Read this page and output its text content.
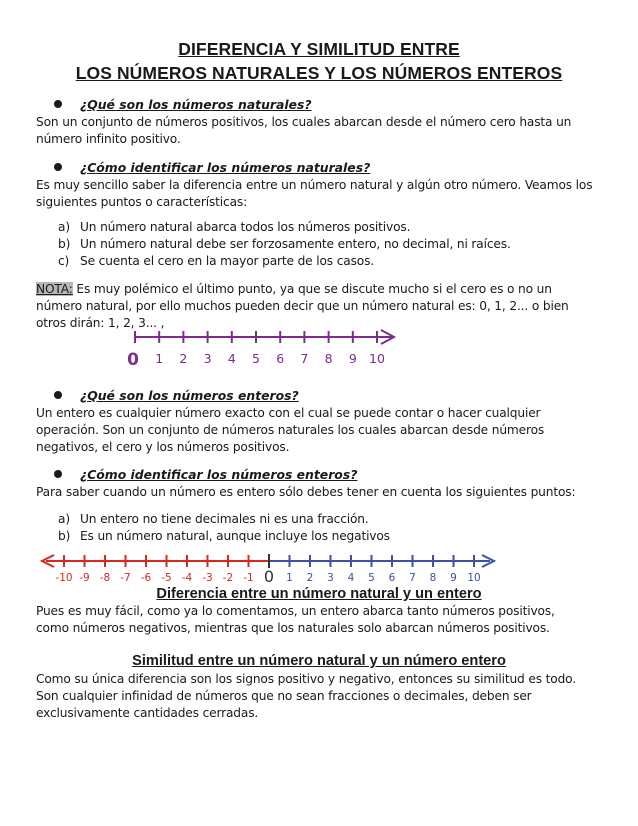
DIFERENCIA Y SIMILITUD ENTRE
LOS NÚMEROS NATURALES Y LOS NÚMEROS ENTEROS
¿Qué son los números naturales?
Son un conjunto de números positivos, los cuales abarcan desde el número cero hasta un
número infinito positivo.
¿Cómo identificar los números naturales?
Es muy sencillo saber la diferencia entre un número natural y algún otro número. Veamos los
siguientes puntos o características:
a) Un número natural abarca todos los números positivos.
b) Un número natural debe ser forzosamente entero, no decimal, ni raíces.
c) Se cuenta el cero en la mayor parte de los casos.
NOTA: Es muy polémico el último punto, ya que se discute mucho si el cero es o no un
número natural, por ello muchos pueden decir que un número natural es: 0, 1, 2... o bien
otros dirán: 1, 2, 3... ,
1 2 3 4 5 6 7 8 9 10
0
-10 -9 -8 -7 -6 -5 -4 -3 -2 -1	1 2 3 4 5 6 7 8 9 10
0
¿Qué son los números enteros?
Un entero es cualquier número exacto con el cual se puede contar o hacer cualquier
operación. Son un conjunto de números naturales los cuales abarcan desde números
negativos, el cero y los números positivos.
¿Cómo identificar los números enteros?
Para saber cuando un número es entero sólo debes tener en cuenta los siguientes puntos:
a) Un entero no tiene decimales ni es una fracción.
b) Es un número natural, aunque incluye los negativos
Diferencia entre un número natural y un entero
Pues es muy fácil, como ya lo comentamos, un entero abarca tanto números positivos,
como números negativos, mientras que los naturales solo abarcan números positivos.
Similitud entre un número natural y un número entero
Como su única diferencia son los signos positivo y negativo, entonces su similitud es todo.
Son cualquier infinidad de números que no sean fracciones o decimales, deben ser
exclusivamente cantidades cerradas.
